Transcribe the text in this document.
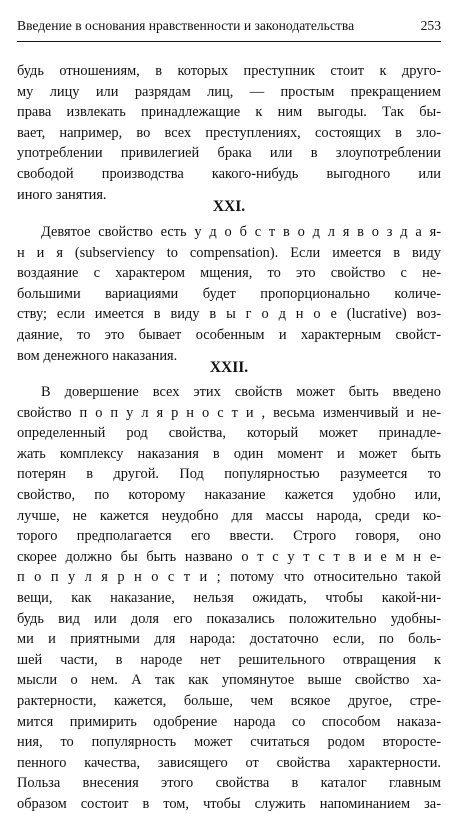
Введение в основания нравственности и законодательства	253
будь отношениям, в которых преступник стоит к друго-
му лицу или разрядам лиц, — простым прекращением
права извлекать принадлежащие к ним выгоды. Так бы-
вает, например, во всех преступлениях, состоящих в зло-
употреблении привилегией брака или в злоупотреблении
свободой производства какого-нибудь выгодного или
иного занятия.
XXI.
Девятое свойство есть у д о б с т в о д л я в о з д а я-
н и я (subserviency to compensation). Если имеется в виду
воздаяние с характером мщения, то это свойство с не-
большими вариациями будет пропорционально количе-
ству; если имеется в виду в ы г о д н о е (lucrative) воз-
даяние, то это бывает особенным и характерным свойст-
вом денежного наказания.
XXII.
В довершение всех этих свойств может быть введено
свойство п о п у л я р н о с т и , весьма изменчивый и не-
определенный род свойства, который может принадле-
жать комплексу наказания в один момент и может быть
потерян в другой. Под популярностью разумеется то
свойство, по которому наказание кажется удобно или,
лучше, не кажется неудобно для массы народа, среди ко-
торого предполагается его ввести. Строго говоря, оно
скорее должно бы быть названо о т с у т с т в и е м н е-
п о п у л я р н о с т и ; потому что относительно такой
вещи, как наказание, нельзя ожидать, чтобы какой-ни-
будь вид или доля его показались положительно удобны-
ми и приятными для народа: достаточно если, по боль-
шей части, в народе нет решительного отвращения к
мысли о нем. А так как упомянутое выше свойство ха-
рактерности, кажется, больше, чем всякое другое, стре-
мится примирить одобрение народа со способом наказа-
ния, то популярность может считаться родом второсте-
пенного качества, зависящего от свойства характерности.
Польза внесения этого свойства в каталог главным
образом состоит в том, чтобы служить напоминанием за-
